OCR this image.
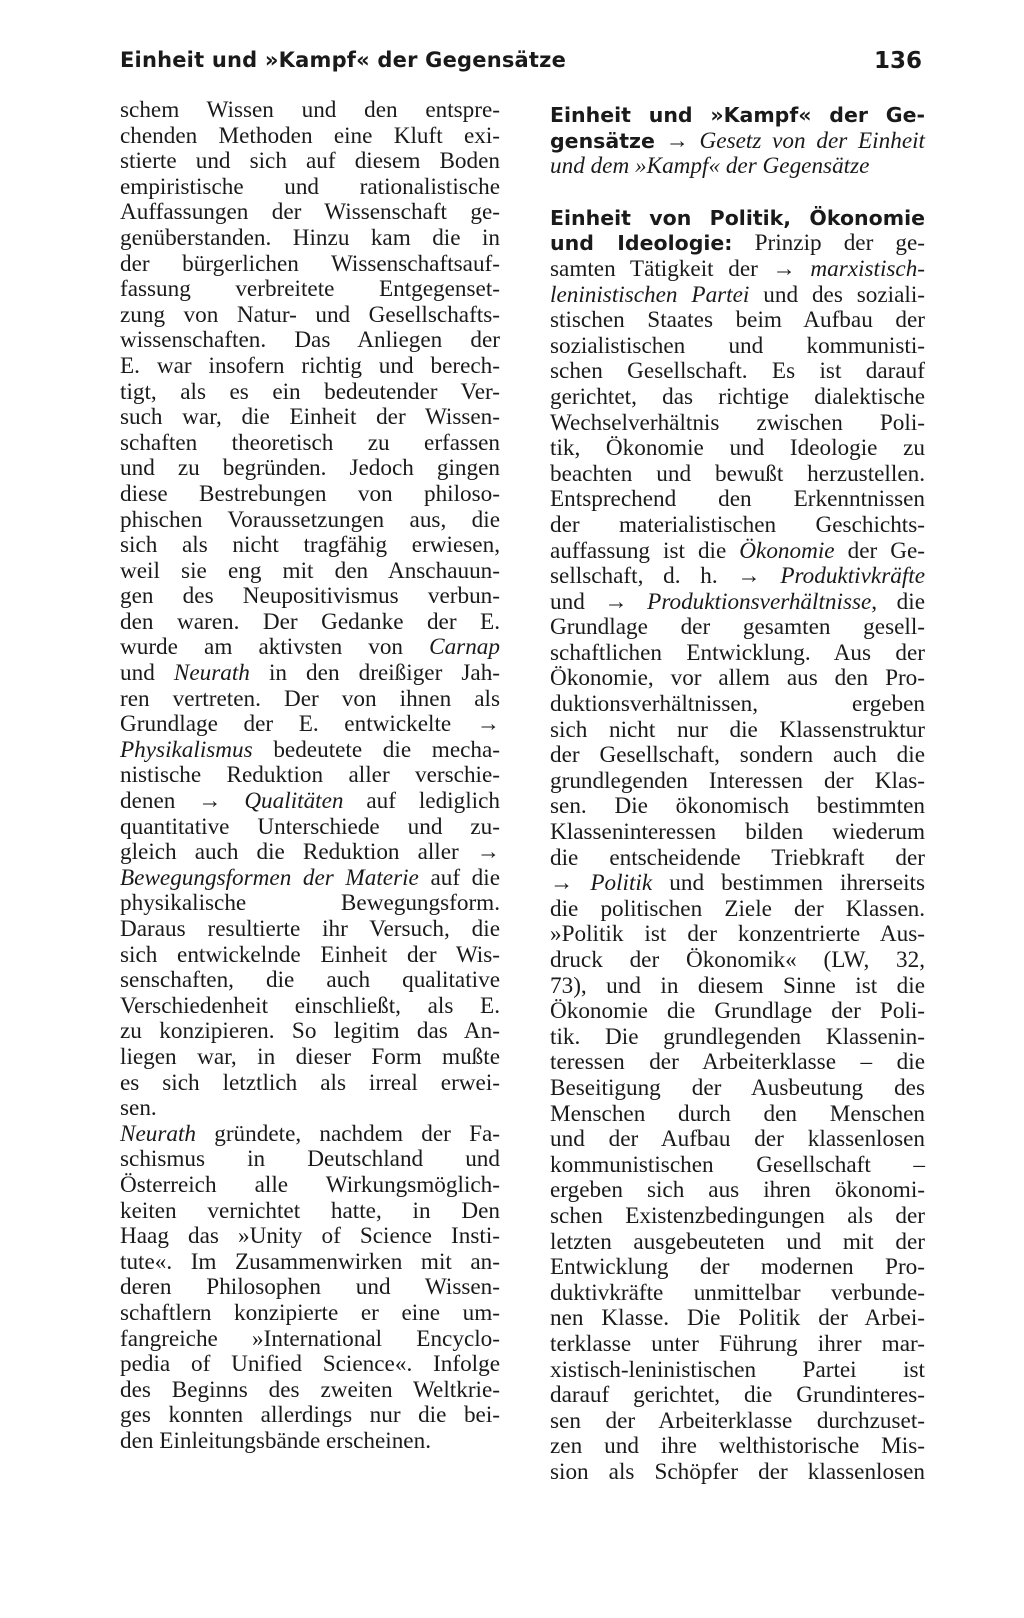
Einheit und »Kampf« der Gegensätze	136
schem Wissen und den entspre-
chenden Methoden eine Kluft exi-
stierte und sich auf diesem Boden
empiristische und rationalistische
Auffassungen der Wissenschaft ge-
genüberstanden. Hinzu kam die in
der bürgerlichen Wissenschaftsauf-
fassung verbreitete Entgegenset-
zung von Natur- und Gesellschafts-
wissenschaften. Das Anliegen der
E. war insofern richtig und berech-
tigt, als es ein bedeutender Ver-
such war, die Einheit der Wissen-
schaften theoretisch zu erfassen
und zu begründen. Jedoch gingen
diese Bestrebungen von philoso-
phischen Voraussetzungen aus, die
sich als nicht tragfähig erwiesen,
weil sie eng mit den Anschauun-
gen des Neupositivismus verbun-
den waren. Der Gedanke der E.
wurde am aktivsten von Carnap
und Neurath in den dreißiger Jah-
ren vertreten. Der von ihnen als
Grundlage der E. entwickelte →
Physikalismus bedeutete die mecha-
nistische Reduktion aller verschie-
denen → Qualitäten auf lediglich
quantitative Unterschiede und zu-
gleich auch die Reduktion aller →
Bewegungsformen der Materie auf die
physikalische Bewegungsform.
Daraus resultierte ihr Versuch, die
sich entwickelnde Einheit der Wis-
senschaften, die auch qualitative
Verschiedenheit einschließt, als E.
zu konzipieren. So legitim das An-
liegen war, in dieser Form mußte
es sich letztlich als irreal erwei-
sen.
Neurath gründete, nachdem der Fa-
schismus in Deutschland und
Österreich alle Wirkungsmöglich-
keiten vernichtet hatte, in Den
Haag das »Unity of Science Insti-
tute«. Im Zusammenwirken mit an-
deren Philosophen und Wissen-
schaftlern konzipierte er eine um-
fangreiche »International Encyclo-
pedia of Unified Science«. Infolge
des Beginns des zweiten Weltkrie-
ges konnten allerdings nur die bei-
den Einleitungsbände erscheinen.
Einheit und »Kampf« der Ge-
gensätze → Gesetz von der Einheit
und dem »Kampf« der Gegensätze
Einheit von Politik, Ökonomie
und Ideologie: Prinzip der ge-
samten Tätigkeit der → marxistisch-
leninistischen Partei und des soziali-
stischen Staates beim Aufbau der
sozialistischen und kommunisti-
schen Gesellschaft. Es ist darauf
gerichtet, das richtige dialektische
Wechselverhältnis zwischen Poli-
tik, Ökonomie und Ideologie zu
beachten und bewußt herzustellen.
Entsprechend den Erkenntnissen
der materialistischen Geschichts-
auffassung ist die Ökonomie der Ge-
sellschaft, d. h. → Produktivkräfte
und → Produktionsverhältnisse, die
Grundlage der gesamten gesell-
schaftlichen Entwicklung. Aus der
Ökonomie, vor allem aus den Pro-
duktionsverhältnissen, ergeben
sich nicht nur die Klassenstruktur
der Gesellschaft, sondern auch die
grundlegenden Interessen der Klas-
sen. Die ökonomisch bestimmten
Klasseninteressen bilden wiederum
die entscheidende Triebkraft der
→ Politik und bestimmen ihrerseits
die politischen Ziele der Klassen.
»Politik ist der konzentrierte Aus-
druck der Ökonomik« (LW, 32,
73), und in diesem Sinne ist die
Ökonomie die Grundlage der Poli-
tik. Die grundlegenden Klassenin-
teressen der Arbeiterklasse – die
Beseitigung der Ausbeutung des
Menschen durch den Menschen
und der Aufbau der klassenlosen
kommunistischen Gesellschaft –
ergeben sich aus ihren ökonomi-
schen Existenzbedingungen als der
letzten ausgebeuteten und mit der
Entwicklung der modernen Pro-
duktivkräfte unmittelbar verbunde-
nen Klasse. Die Politik der Arbei-
terklasse unter Führung ihrer mar-
xistisch-leninistischen Partei ist
darauf gerichtet, die Grundinteres-
sen der Arbeiterklasse durchzuset-
zen und ihre welthistorische Mis-
sion als Schöpfer der klassenlosen
